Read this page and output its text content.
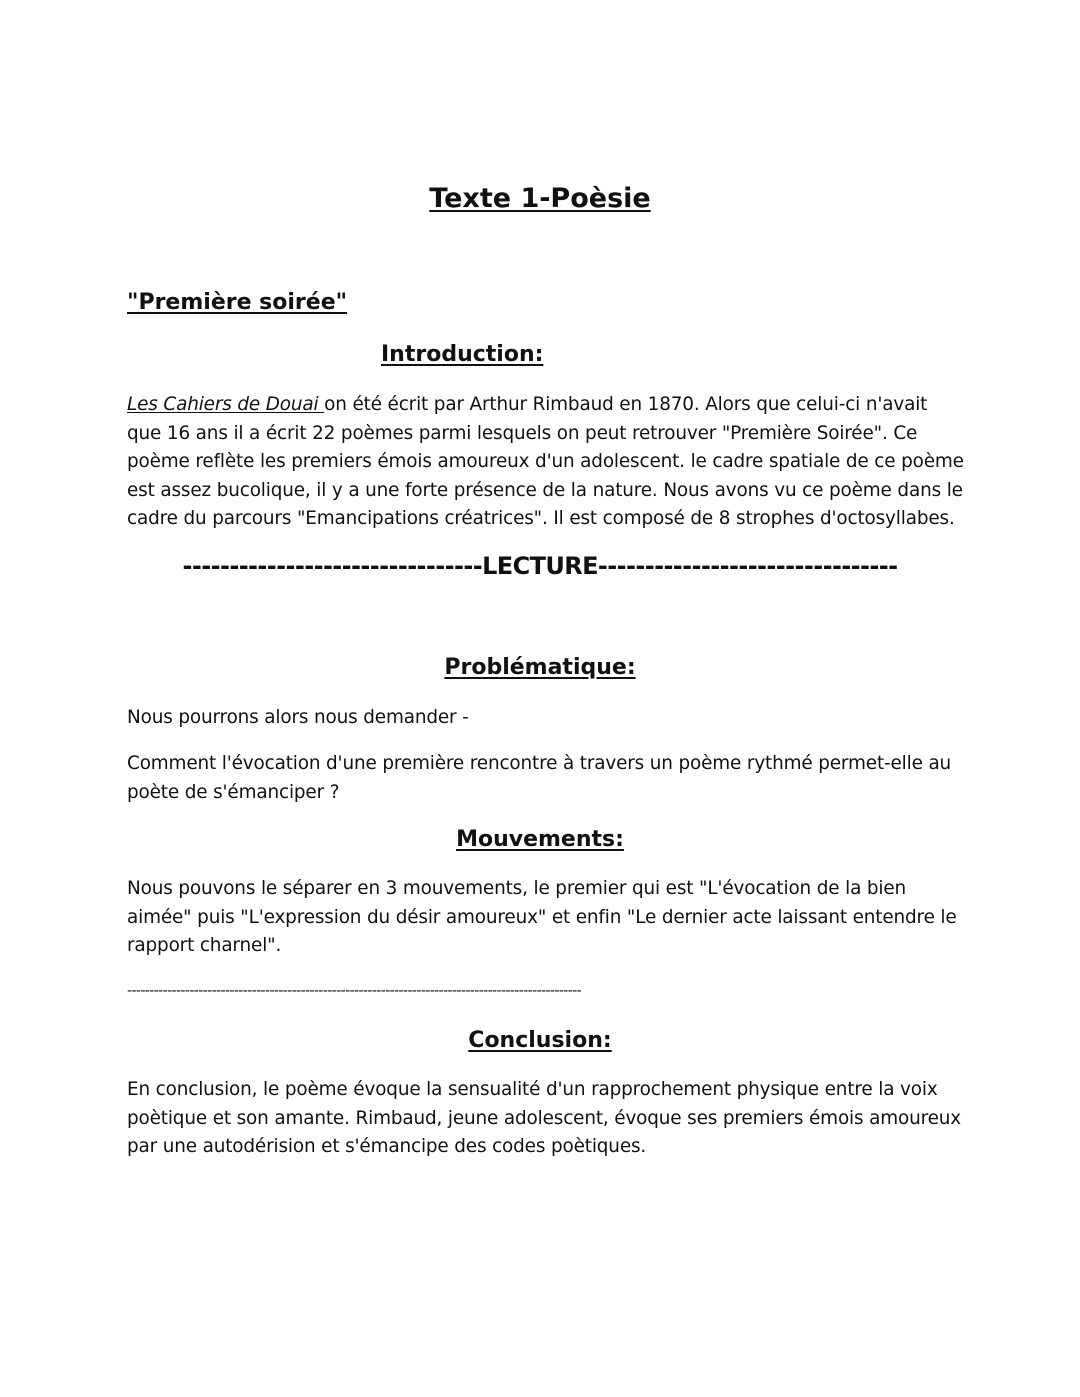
Texte 1-Poèsie
"Première soirée"
Introduction:

Les Cahiers de Douai on été écrit par Arthur Rimbaud en 1870. Alors que celui-ci n'avait que 16 ans il a écrit 22 poèmes parmi lesquels on peut retrouver "Première Soirée". Ce poème reflète les premiers émois amoureux d'un adolescent. le cadre spatiale de ce poème est assez bucolique, il y a une forte présence de la nature. Nous avons vu ce poème dans le cadre du parcours "Emancipations créatrices". Il est composé de 8 strophes d'octosyllabes.

--------------------------------LECTURE--------------------------------
Problématique:

Nous pourrons alors nous demander -

Comment l'évocation d'une première rencontre à travers un poème rythmé permet-elle au poète de s'émanciper ?

Mouvements:

Nous pouvons le séparer en 3 mouvements, le premier qui est "L'évocation de la bien aimée" puis "L'expression du désir amoureux" et enfin "Le dernier acte laissant entendre le rapport charnel".

------------------------------------------------------------------------------------------------------
Conclusion:

En conclusion, le poème évoque la sensualité d'un rapprochement physique entre la voix poètique et son amante. Rimbaud, jeune adolescent, évoque ses premiers émois amoureux par une autodérision et s'émancipe des codes poètiques.
